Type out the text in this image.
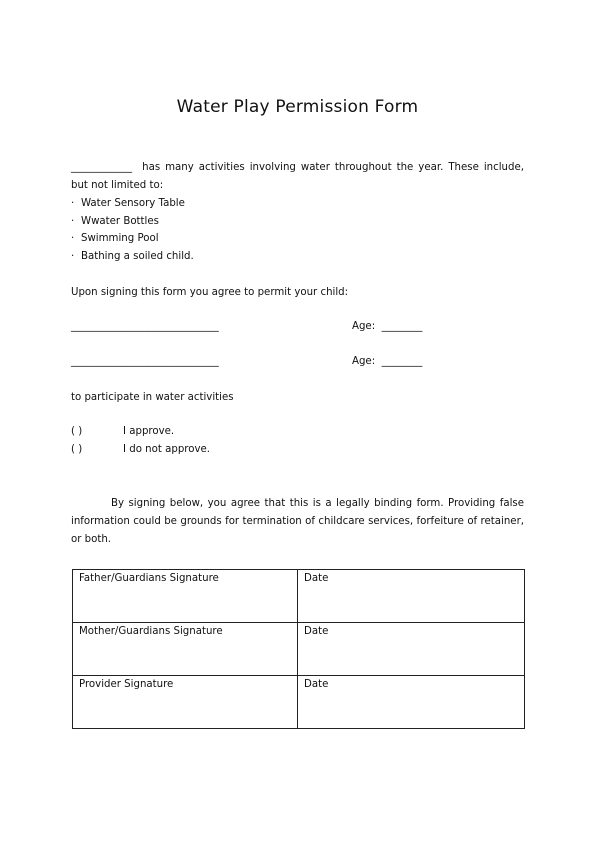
Water Play Permission Form
____________ has many activities involving water throughout the year. These include, but not limited to:
· Water Sensory Table
· Wwater Bottles
· Swimming Pool
· Bathing a soiled child.
Upon signing this form you agree to permit your child:
_____________________________	Age: ________
_____________________________	Age: ________
to participate in water activities
( )	I approve.
( )	I do not approve.
By signing below, you agree that this is a legally binding form. Providing false information could be grounds for termination of childcare services, forfeiture of retainer, or both.
Father/Guardians Signature	Date
Mother/Guardians Signature	Date
Provider Signature	Date
